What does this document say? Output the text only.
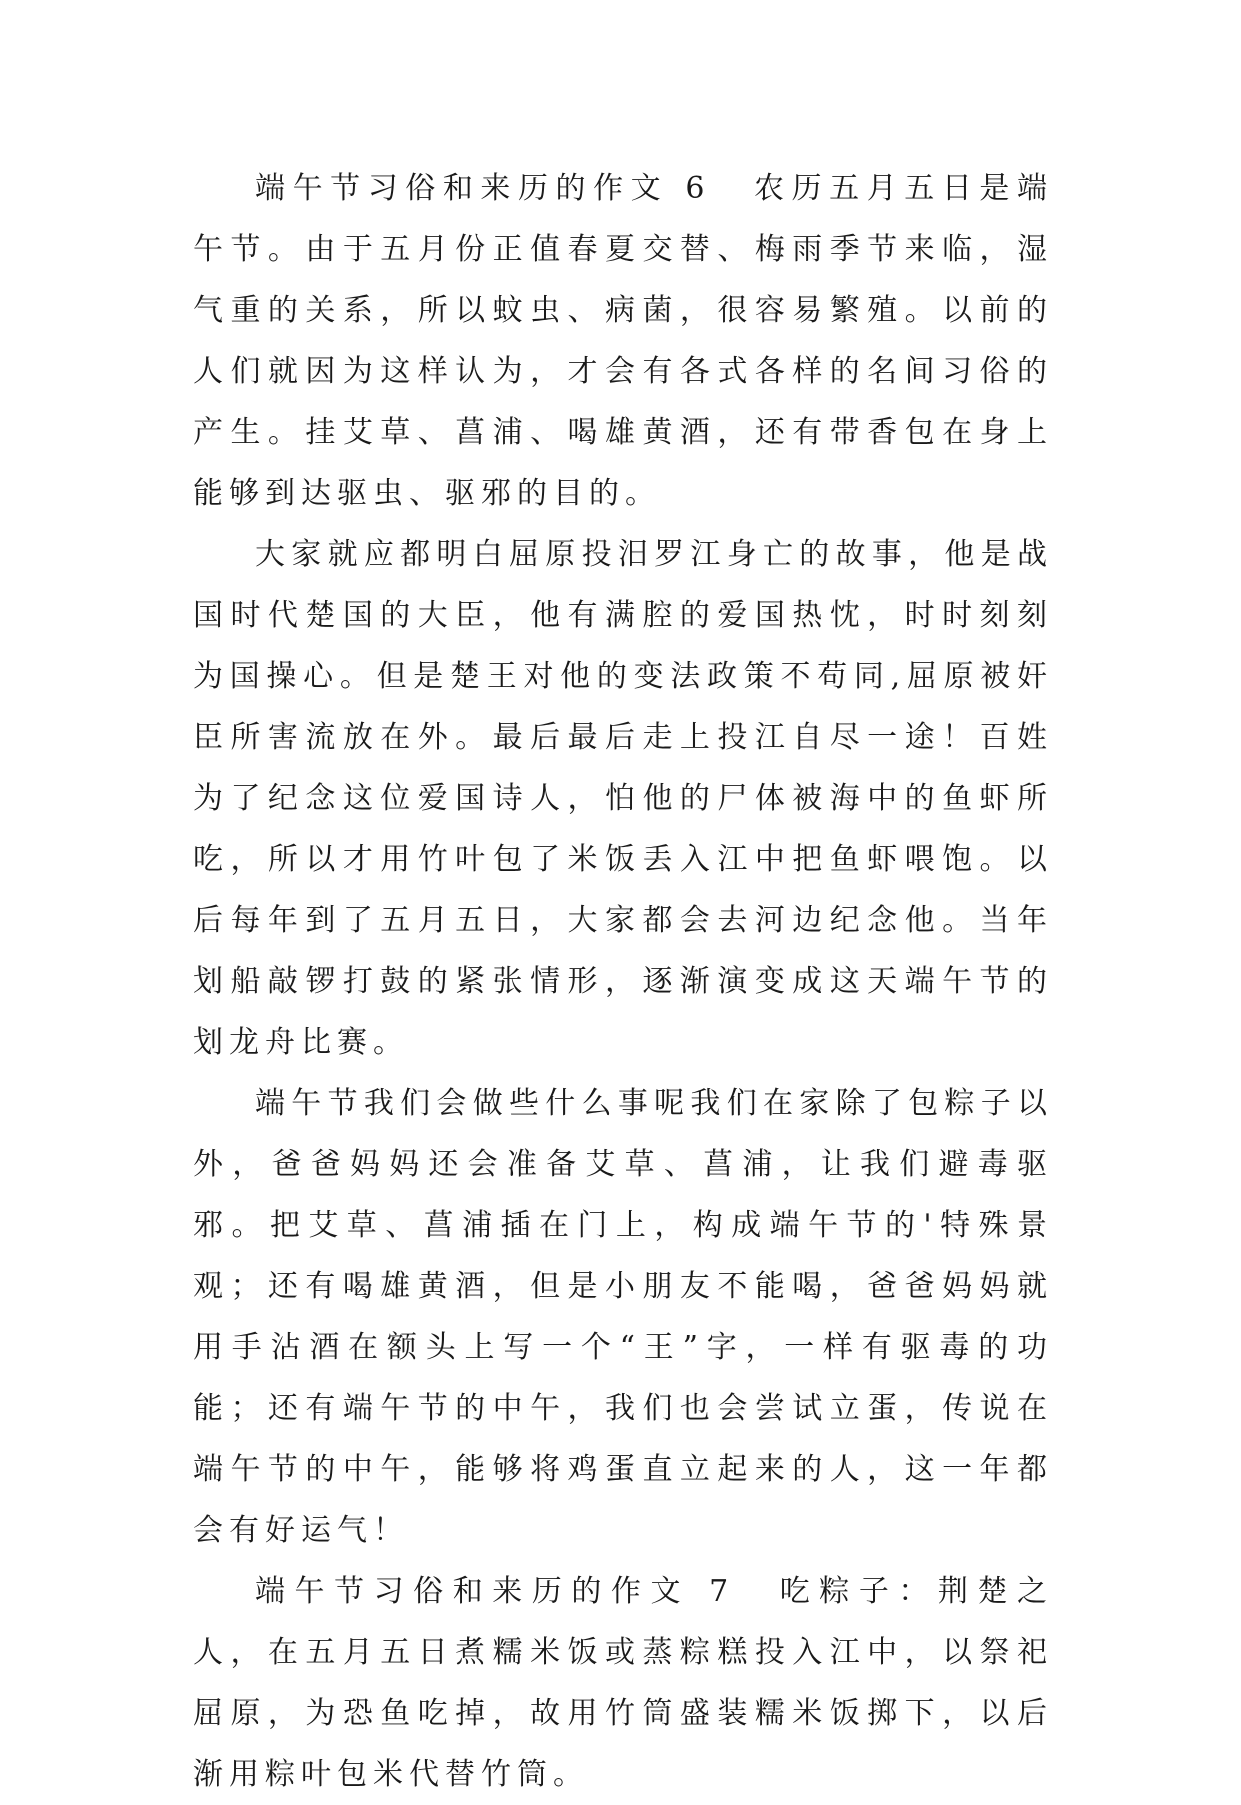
端午节习俗和来历的作文 6 农历五月五日是端午节。由于五月份正值春夏交替、梅雨季节来临，湿气重的关系，所以蚊虫、病菌，很容易繁殖。以前的人们就因为这样认为，才会有各式各样的名间习俗的产生。挂艾草、菖浦、喝雄黄酒，还有带香包在身上能够到达驱虫、驱邪的目的。

大家就应都明白屈原投汨罗江身亡的故事，他是战国时代楚国的大臣，他有满腔的爱国热忱，时时刻刻为国操心。但是楚王对他的变法政策不苟同,屈原被奸臣所害流放在外。最后最后走上投江自尽一途！百姓为了纪念这位爱国诗人，怕他的尸体被海中的鱼虾所吃，所以才用竹叶包了米饭丢入江中把鱼虾喂饱。以后每年到了五月五日，大家都会去河边纪念他。当年划船敲锣打鼓的紧张情形，逐渐演变成这天端午节的划龙舟比赛。

端午节我们会做些什么事呢我们在家除了包粽子以外，爸爸妈妈还会准备艾草、菖浦，让我们避毒驱邪。把艾草、菖浦插在门上，构成端午节的'特殊景观；还有喝雄黄酒，但是小朋友不能喝，爸爸妈妈就用手沾酒在额头上写一个“王”字，一样有驱毒的功能；还有端午节的中午，我们也会尝试立蛋，传说在端午节的中午，能够将鸡蛋直立起来的人，这一年都会有好运气！

端午节习俗和来历的作文 7 吃粽子：荆楚之人，在五月五日煮糯米饭或蒸粽糕投入江中，以祭祀屈原，为恐鱼吃掉，故用竹筒盛装糯米饭掷下，以后渐用粽叶包米代替竹筒。
